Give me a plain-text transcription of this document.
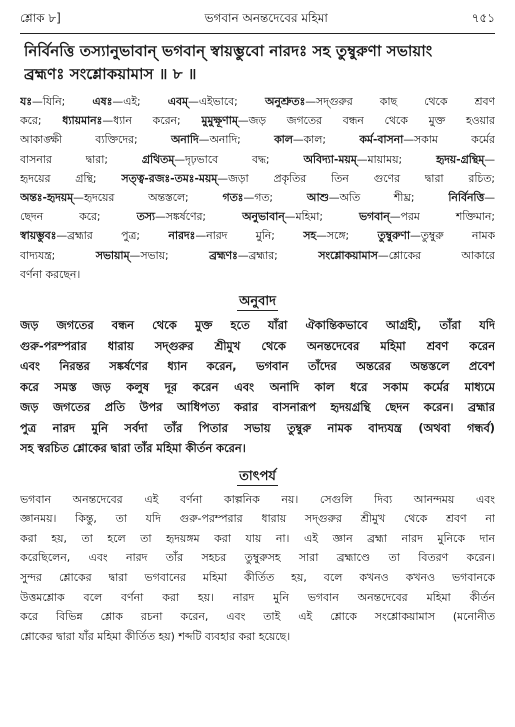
শ্লোক ৮]	ভগবান অনন্তদেবের মহিমা	৭৫১
নির্বিনত্তি তস্যানুভাবান্ ভগবান্ স্বায়ম্ভুবো নারদঃ সহ তুম্বুরুণা সভায়াং
ব্রহ্মণঃ সংশ্লোকয়ামাস ॥ ৮ ॥
যঃ—যিনি; এষঃ—এই; এবম্—এইভাবে; অনুশ্রুতঃ—সদ্‌গুরুর কাছ থেকে শ্রবণ
করে; ধ্যায়মানঃ—ধ্যান করেন; মুমুক্ষূণাম্—জড় জগতের বন্ধন থেকে মুক্ত হওয়ার
আকাঙ্ক্ষী ব্যক্তিদের; অনাদি—অনাদি; কাল—কাল; কর্ম-বাসনা—সকাম কর্মের
বাসনার দ্বারা; গ্রথিতম্—দৃঢ়ভাবে বদ্ধ; অবিদ্যা-ময়ম্—মায়াময়; হৃদয়-গ্রন্থিম্—
হৃদয়ের গ্রন্থি; সত্ত্ব-রজঃ-তমঃ-ময়ম্—জড়া প্রকৃতির তিন গুণের দ্বারা রচিত;
অন্তঃ-হৃদয়ম্—হৃদয়ের অন্তস্তলে; গতঃ—গত; আশু—অতি শীঘ্র; নির্বিনত্তি—
ছেদন করে; তস্য—সঙ্কর্ষণের; অনুভাবান্—মহিমা; ভগবান্—পরম শক্তিমান;
স্বায়ম্ভুবঃ—ব্রহ্মার পুত্র; নারদঃ—নারদ মুনি; সহ—সঙ্গে; তুম্বুরুণা—তুম্বুরু নামক
বাদ্যযন্ত্র; সভায়াম্—সভায়; ব্রহ্মণঃ—ব্রহ্মার; সংশ্লোকয়ামাস—শ্লোকের আকারে
বর্ণনা করছেন।
অনুবাদ
জড় জগতের বন্ধন থেকে মুক্ত হতে যাঁরা ঐকান্তিকভাবে আগ্রহী, তাঁরা যদি
গুরু-পরম্পরার ধারায় সদ্‌গুরুর শ্রীমুখ থেকে অনন্তদেবের মহিমা শ্রবণ করেন
এবং নিরন্তর সঙ্কর্ষণের ধ্যান করেন, ভগবান তাঁদের অন্তরের অন্তস্তলে প্রবেশ
করে সমস্ত জড় কলুষ দূর করেন এবং অনাদি কাল ধরে সকাম কর্মের মাধ্যমে
জড় জগতের প্রতি উপর আধিপত্য করার বাসনারূপ হৃদয়গ্রন্থি ছেদন করেন। ব্রহ্মার
পুত্র নারদ মুনি সর্বদা তাঁর পিতার সভায় তুম্বুরু নামক বাদ্যযন্ত্র (অথবা গন্ধর্ব)
সহ স্বরচিত শ্লোকের দ্বারা তাঁর মহিমা কীর্তন করেন।
তাৎপর্য
ভগবান অনন্তদেবের এই বর্ণনা কাল্পনিক নয়। সেগুলি দিব্য আনন্দময় এবং
জ্ঞানময়। কিন্তু, তা যদি গুরু-পরম্পরার ধারায় সদ্‌গুরুর শ্রীমুখ থেকে শ্রবণ না
করা হয়, তা হলে তা হৃদয়ঙ্গম করা যায় না। এই জ্ঞান ব্রহ্মা নারদ মুনিকে দান
করেছিলেন, এবং নারদ তাঁর সহচর তুম্বুরুসহ সারা ব্রহ্মাণ্ডে তা বিতরণ করেন।
সুন্দর শ্লোকের দ্বারা ভগবানের মহিমা কীর্তিত হয়, বলে কখনও কখনও ভগবানকে
উত্তমশ্লোক বলে বর্ণনা করা হয়। নারদ মুনি ভগবান অনন্তদেবের মহিমা কীর্তন
করে বিভিন্ন শ্লোক রচনা করেন, এবং তাই এই শ্লোকে সংশ্লোকয়ামাস (মনোনীত
শ্লোকের দ্বারা যাঁর মহিমা কীর্তিত হয়) শব্দটি ব্যবহার করা হয়েছে।
